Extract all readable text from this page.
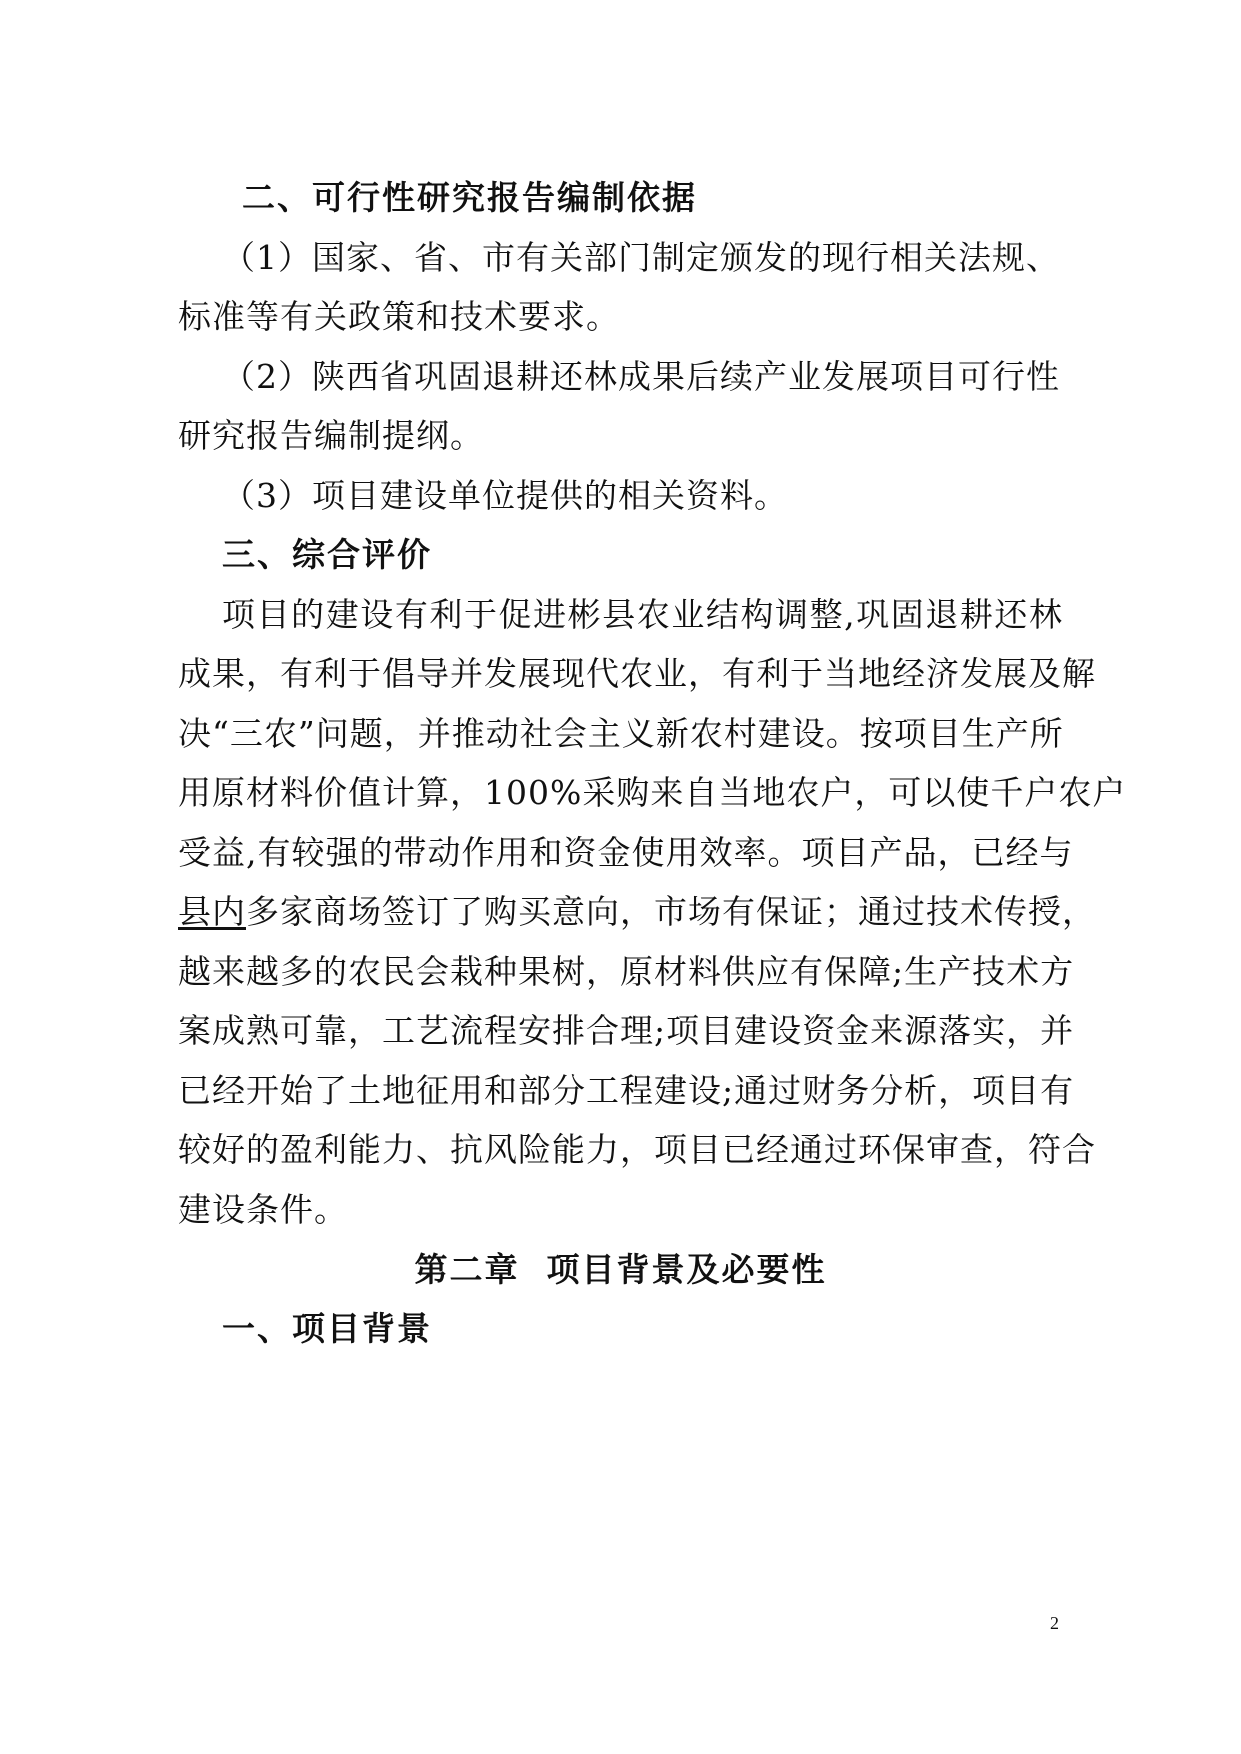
二、可行性研究报告编制依据
（1）国家、省、市有关部门制定颁发的现行相关法规、
标准等有关政策和技术要求。
（2）陕西省巩固退耕还林成果后续产业发展项目可行性
研究报告编制提纲。
（3）项目建设单位提供的相关资料。
三、综合评价
项目的建设有利于促进彬县农业结构调整,巩固退耕还林
成果，有利于倡导并发展现代农业，有利于当地经济发展及解
决“三农”问题，并推动社会主义新农村建设。按项目生产所
用原材料价值计算，100%采购来自当地农户，可以使千户农户
受益,有较强的带动作用和资金使用效率。项目产品，已经与
县内多家商场签订了购买意向，市场有保证；通过技术传授，
越来越多的农民会栽种果树，原材料供应有保障;生产技术方
案成熟可靠，工艺流程安排合理;项目建设资金来源落实，并
已经开始了土地征用和部分工程建设;通过财务分析，项目有
较好的盈利能力、抗风险能力，项目已经通过环保审查，符合
建设条件。
第二章  项目背景及必要性
一、项目背景
2
